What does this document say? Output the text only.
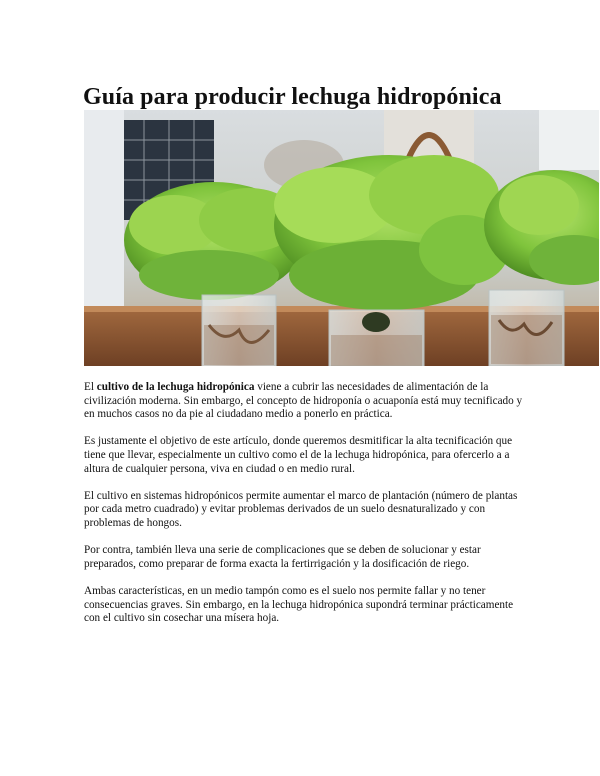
Guía para producir lechuga hidropónica

El cultivo de la lechuga hidropónica viene a cubrir las necesidades de alimentación de la civilización moderna. Sin embargo, el concepto de hidroponía o acuaponía está muy tecnificado y en muchos casos no da pie al ciudadano medio a ponerlo en práctica.

Es justamente el objetivo de este artículo, donde queremos desmitificar la alta tecnificación que tiene que llevar, especialmente un cultivo como el de la lechuga hidropónica, para ofercerlo a a altura de cualquier persona, viva en ciudad o en medio rural.

El cultivo en sistemas hidropónicos permite aumentar el marco de plantación (número de plantas por cada metro cuadrado) y evitar problemas derivados de un suelo desnaturalizado y con problemas de hongos.

Por contra, también lleva una serie de complicaciones que se deben de solucionar y estar preparados, como preparar de forma exacta la fertirrigación y la dosificación de riego.

Ambas características, en un medio tampón como es el suelo nos permite fallar y no tener consecuencias graves. Sin embargo, en la lechuga hidropónica supondrá terminar prácticamente con el cultivo sin cosechar una mísera hoja.
